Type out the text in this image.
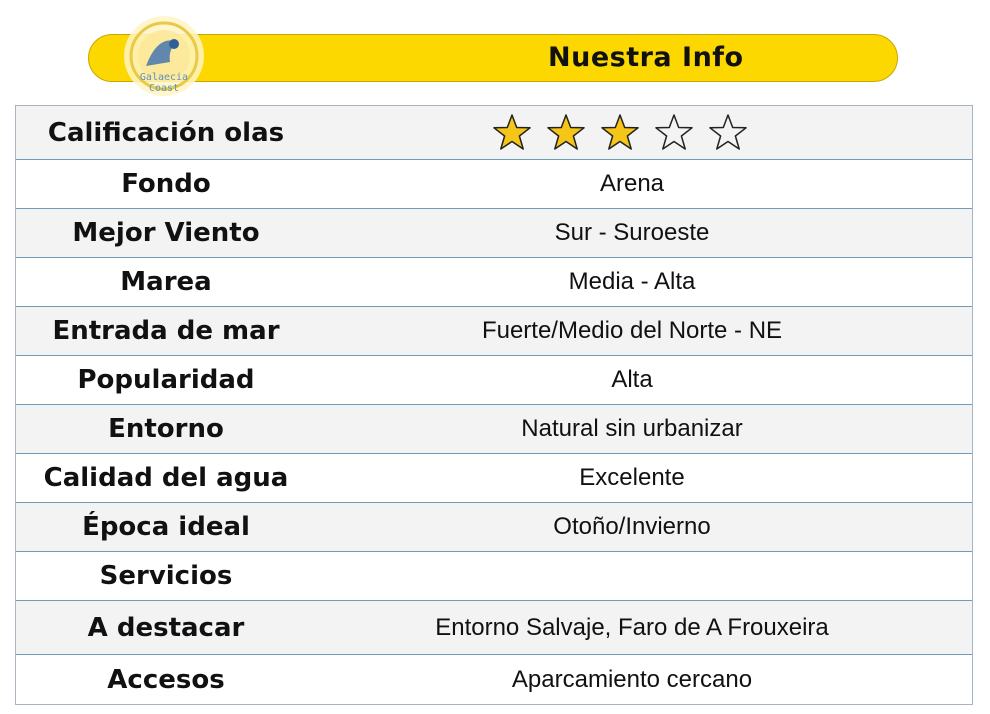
Galaecia
Coast
Nuestra Info
Calificación olas
Fondo	Arena
Mejor Viento	Sur - Suroeste
Marea	Media - Alta
Entrada de mar	Fuerte/Medio del Norte - NE
Popularidad	Alta
Entorno	Natural sin urbanizar
Calidad del agua	Excelente
Época ideal	Otoño/Invierno
Servicios
A destacar	Entorno Salvaje, Faro de A Frouxeira
Accesos	Aparcamiento cercano
